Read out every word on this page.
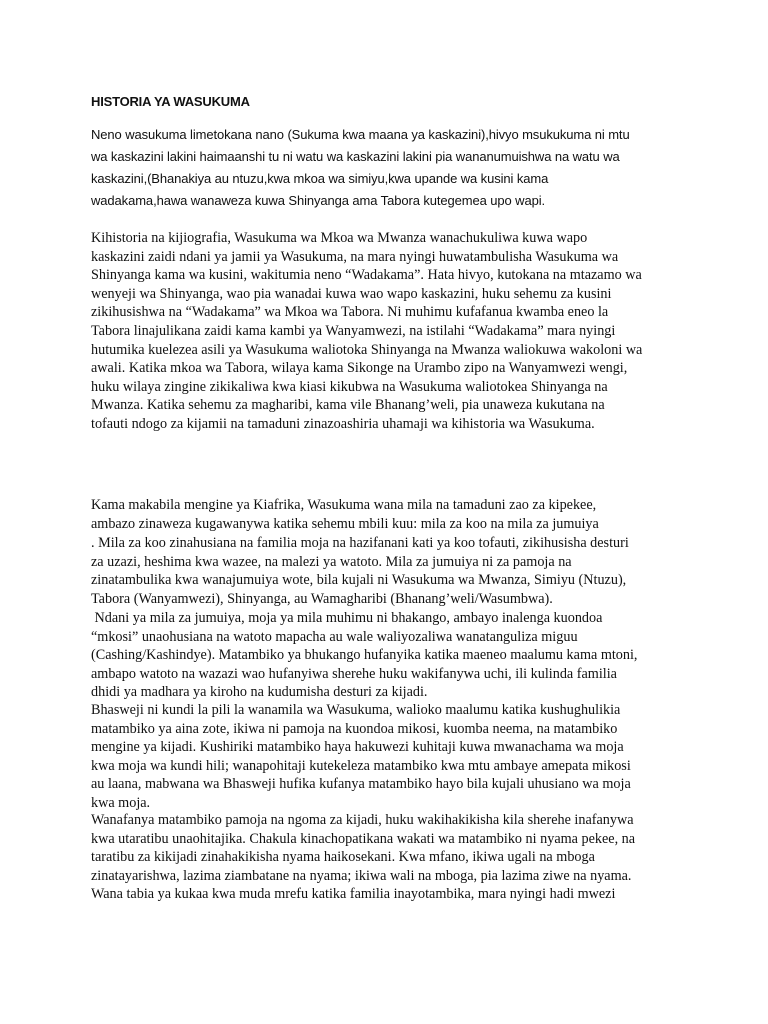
HISTORIA YA WASUKUMA
Neno wasukuma limetokana nano (Sukuma kwa maana ya kaskazini),hivyo msukukuma ni mtu
wa kaskazini lakini haimaanshi tu ni watu wa kaskazini lakini pia wananumuishwa na watu wa
kaskazini,(Bhanakiya au ntuzu,kwa mkoa wa simiyu,kwa upande wa kusini kama
wadakama,hawa wanaweza kuwa Shinyanga ama Tabora kutegemea upo wapi.
Kihistoria na kijiografia, Wasukuma wa Mkoa wa Mwanza wanachukuliwa kuwa wapo
kaskazini zaidi ndani ya jamii ya Wasukuma, na mara nyingi huwatambulisha Wasukuma wa
Shinyanga kama wa kusini, wakitumia neno “Wadakama”. Hata hivyo, kutokana na mtazamo wa
wenyeji wa Shinyanga, wao pia wanadai kuwa wao wapo kaskazini, huku sehemu za kusini
zikihusishwa na “Wadakama” wa Mkoa wa Tabora. Ni muhimu kufafanua kwamba eneo la
Tabora linajulikana zaidi kama kambi ya Wanyamwezi, na istilahi “Wadakama” mara nyingi
hutumika kuelezea asili ya Wasukuma waliotoka Shinyanga na Mwanza waliokuwa wakoloni wa
awali. Katika mkoa wa Tabora, wilaya kama Sikonge na Urambo zipo na Wanyamwezi wengi,
huku wilaya zingine zikikaliwa kwa kiasi kikubwa na Wasukuma waliotokea Shinyanga na
Mwanza. Katika sehemu za magharibi, kama vile Bhanang’weli, pia unaweza kukutana na
tofauti ndogo za kijamii na tamaduni zinazoashiria uhamaji wa kihistoria wa Wasukuma.
Kama makabila mengine ya Kiafrika, Wasukuma wana mila na tamaduni zao za kipekee,
ambazo zinaweza kugawanywa katika sehemu mbili kuu: mila za koo na mila za jumuiya
. Mila za koo zinahusiana na familia moja na hazifanani kati ya koo tofauti, zikihusisha desturi
za uzazi, heshima kwa wazee, na malezi ya watoto. Mila za jumuiya ni za pamoja na
zinatambulika kwa wanajumuiya wote, bila kujali ni Wasukuma wa Mwanza, Simiyu (Ntuzu),
Tabora (Wanyamwezi), Shinyanga, au Wamagharibi (Bhanang’weli/Wasumbwa).
Ndani ya mila za jumuiya, moja ya mila muhimu ni bhakango, ambayo inalenga kuondoa
“mkosi” unaohusiana na watoto mapacha au wale waliyozaliwa wanatanguliza miguu
(Cashing/Kashindye). Matambiko ya bhukango hufanyika katika maeneo maalumu kama mtoni,
ambapo watoto na wazazi wao hufanyiwa sherehe huku wakifanywa uchi, ili kulinda familia
dhidi ya madhara ya kiroho na kudumisha desturi za kijadi.
Bhasweji ni kundi la pili la wanamila wa Wasukuma, walioko maalumu katika kushughulikia
matambiko ya aina zote, ikiwa ni pamoja na kuondoa mikosi, kuomba neema, na matambiko
mengine ya kijadi. Kushiriki matambiko haya hakuwezi kuhitaji kuwa mwanachama wa moja
kwa moja wa kundi hili; wanapohitaji kutekeleza matambiko kwa mtu ambaye amepata mikosi
au laana, mabwana wa Bhasweji hufika kufanya matambiko hayo bila kujali uhusiano wa moja
kwa moja.
Wanafanya matambiko pamoja na ngoma za kijadi, huku wakihakikisha kila sherehe inafanywa
kwa utaratibu unaohitajika. Chakula kinachopatikana wakati wa matambiko ni nyama pekee, na
taratibu za kikijadi zinahakikisha nyama haikosekani. Kwa mfano, ikiwa ugali na mboga
zinatayarishwa, lazima ziambatane na nyama; ikiwa wali na mboga, pia lazima ziwe na nyama.
Wana tabia ya kukaa kwa muda mrefu katika familia inayotambika, mara nyingi hadi mwezi
